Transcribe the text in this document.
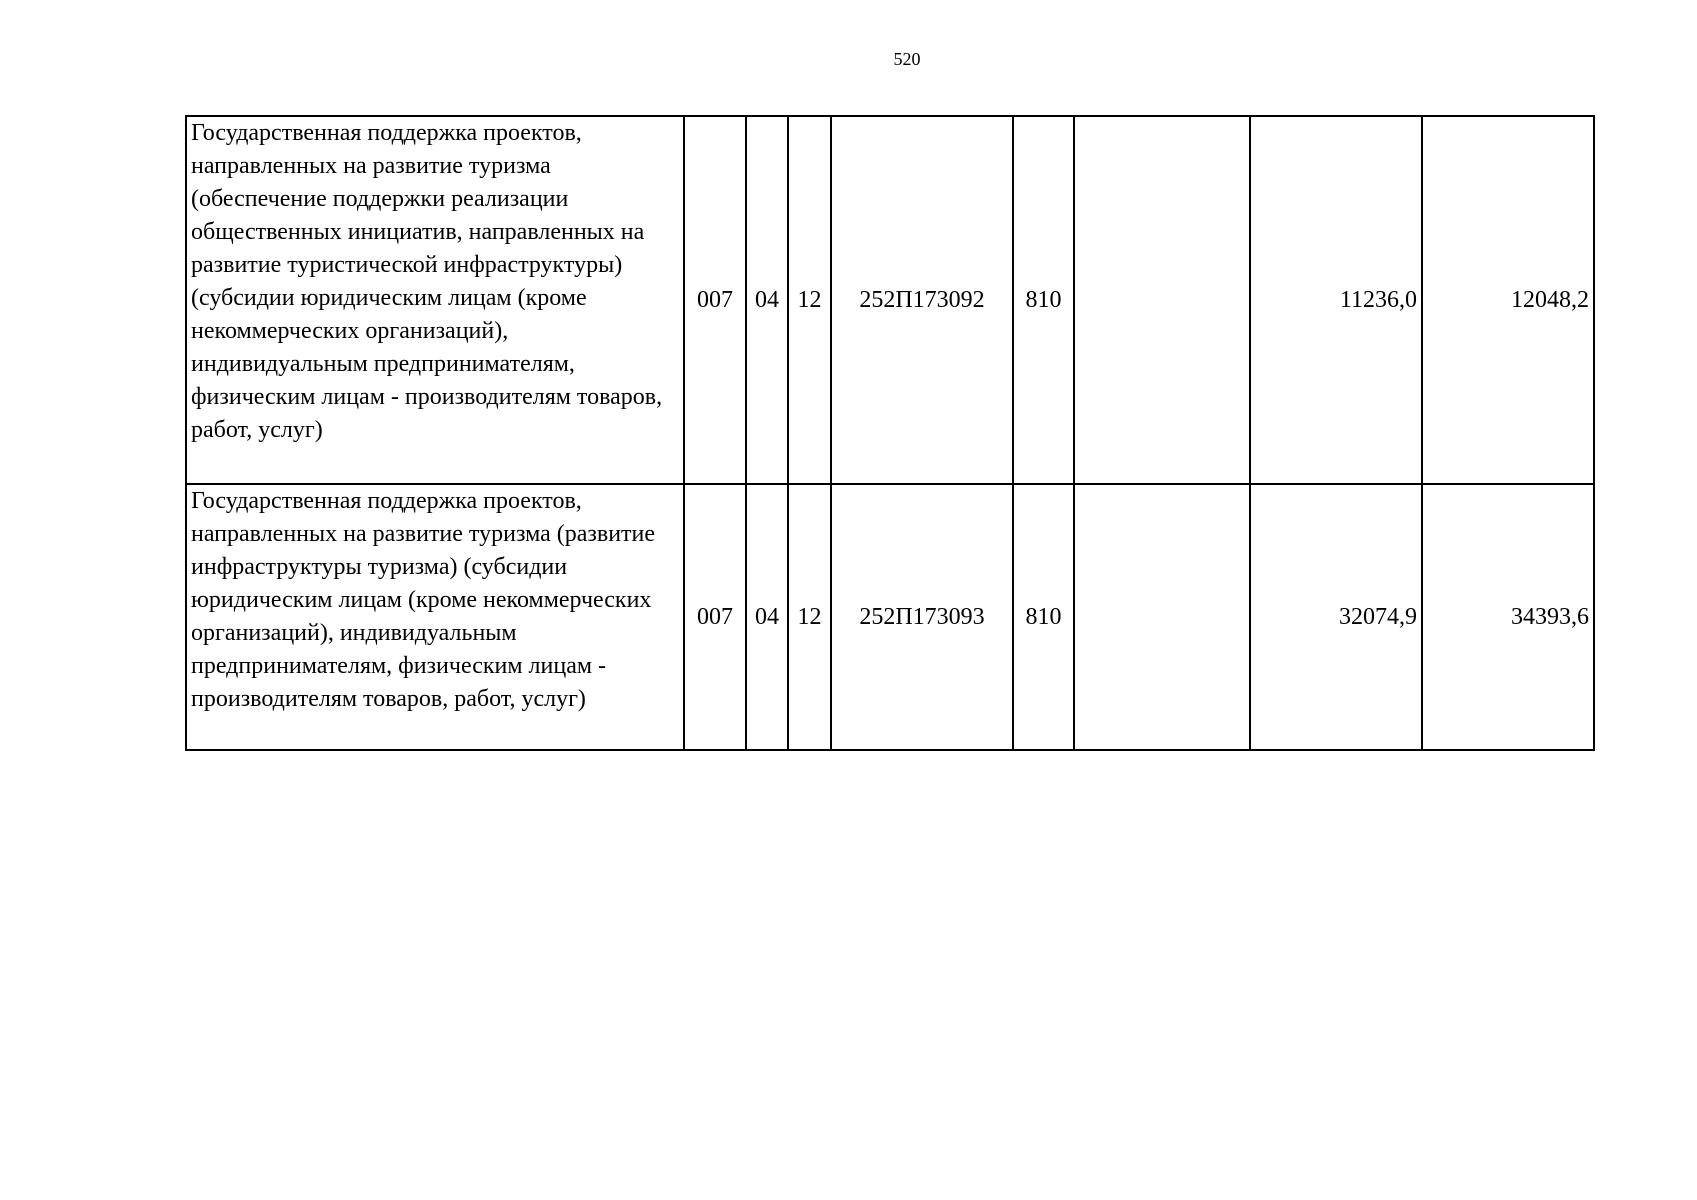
520
Государственная поддержка проектов, направленных на развитие туризма (обеспечение поддержки реализации общественных инициатив, направленных на развитие туристической инфраструктуры) (субсидии юридическим лицам (кроме некоммерческих организаций), индивидуальным предпринимателям, физическим лицам - производителям товаров, работ, услуг)	007	04	12	252П173092	810		11236,0	12048,2
Государственная поддержка проектов, направленных на развитие туризма (развитие инфраструктуры туризма) (субсидии юридическим лицам (кроме некоммерческих организаций), индивидуальным предпринимателям, физическим лицам - производителям товаров, работ, услуг)	007	04	12	252П173093	810		32074,9	34393,6
